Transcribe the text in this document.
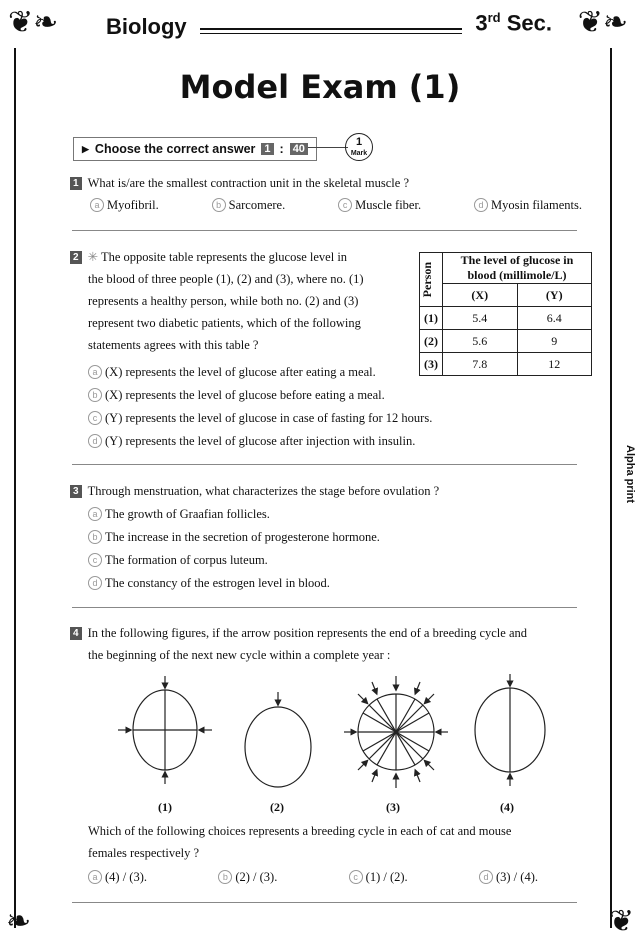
❦❧ Biology	3rd Sec. ❦❧
Model Exam (1)
▶ Choose the correct answer 1 : 40
1
Mark
1 What is/are the smallest contraction unit in the skeletal muscle ?
a Myofibril.	b Sarcomere.	c Muscle fiber.	d Myosin filaments.
2 ✳ The opposite table represents the glucose level in
the blood of three people (1), (2) and (3), where no. (1)
represents a healthy person, while both no. (2) and (3)
represent two diabetic patients, which of the following
statements agrees with this table ?
a (X) represents the level of glucose after eating a meal.
b (X) represents the level of glucose before eating a meal.
c (Y) represents the level of glucose in case of fasting for 12 hours.
d (Y) represents the level of glucose after injection with insulin.
Person	The level of glucose in blood (millimole/L)	
	(X)	(Y)
(1)	5.4	6.4
(2)	5.6	9
(3)	7.8	12
Alpha print
3 Through menstruation, what characterizes the stage before ovulation ?
a The growth of Graafian follicles.
b The increase in the secretion of progesterone hormone.
c The formation of corpus luteum.
d The constancy of the estrogen level in blood.
4 In the following figures, if the arrow position represents the end of a breeding cycle and
the beginning of the next new cycle within a complete year :
(1)	(2)	(3)	(4)
Which of the following choices represents a breeding cycle in each of cat and mouse
females respectively ?
a (4) / (3).	b (2) / (3).	c (1) / (2).	d (3) / (4).
❧	❦
